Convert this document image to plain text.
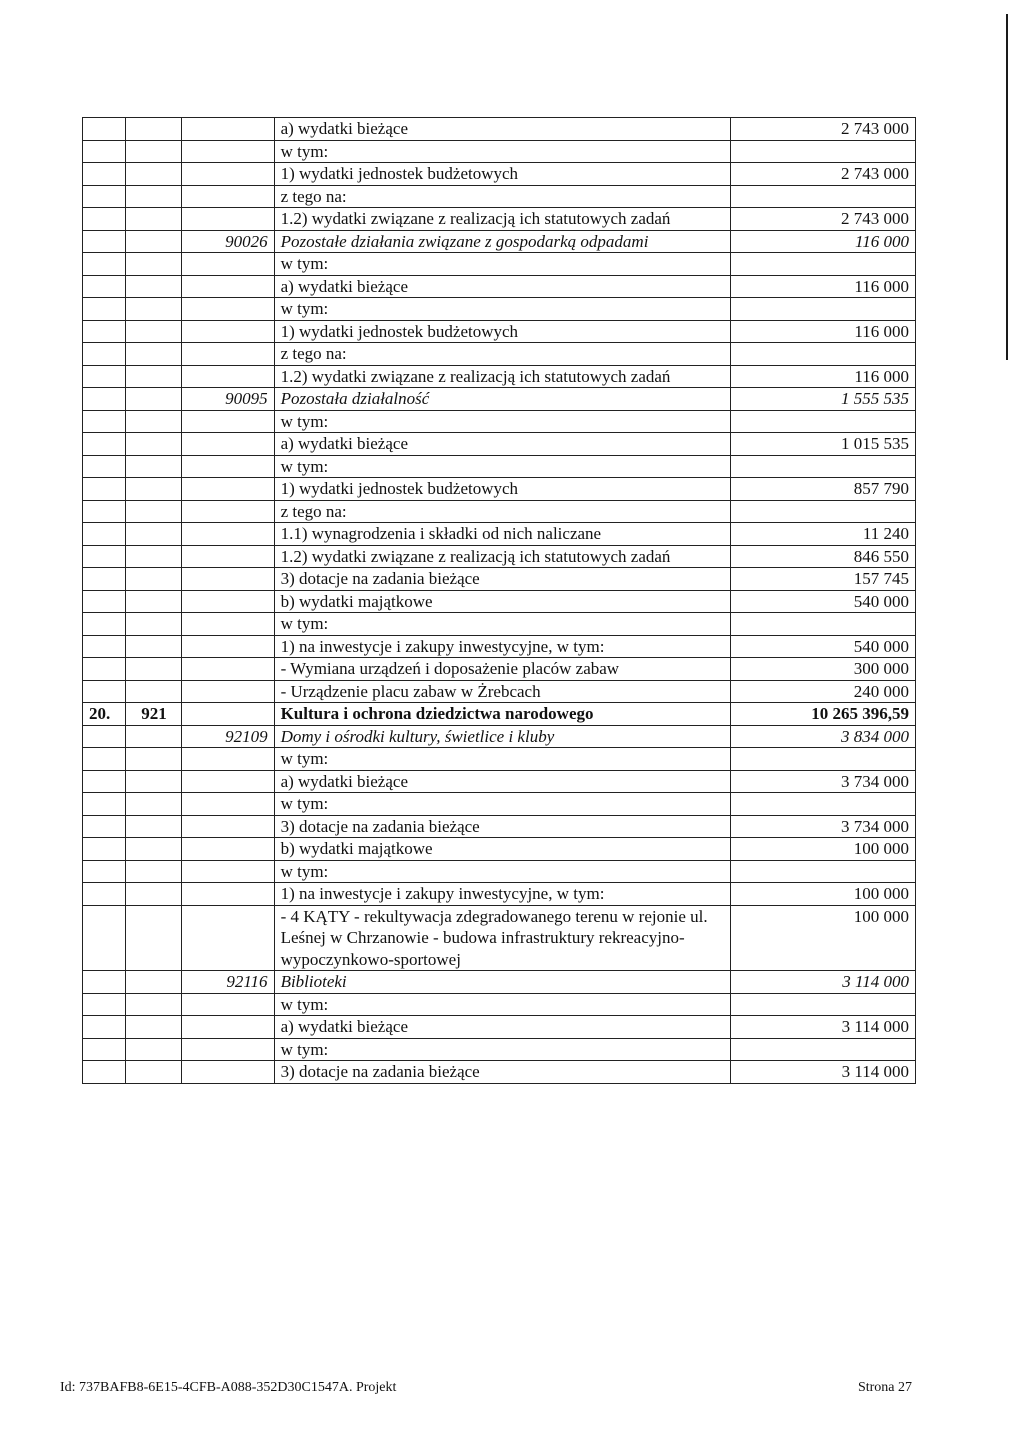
			a) wydatki bieżące	2 743 000
			w tym:	
			1) wydatki jednostek budżetowych	2 743 000
			z tego na:	
			1.2) wydatki związane z realizacją ich statutowych zadań	2 743 000
		90026	Pozostałe działania związane z gospodarką odpadami	116 000
			w tym:	
			a) wydatki bieżące	116 000
			w tym:	
			1) wydatki jednostek budżetowych	116 000
			z tego na:	
			1.2) wydatki związane z realizacją ich statutowych zadań	116 000
		90095	Pozostała działalność	1 555 535
			w tym:	
			a) wydatki bieżące	1 015 535
			w tym:	
			1) wydatki jednostek budżetowych	857 790
			z tego na:	
			1.1) wynagrodzenia i składki od nich naliczane	11 240
			1.2) wydatki związane z realizacją ich statutowych zadań	846 550
			3) dotacje na zadania bieżące	157 745
			b) wydatki majątkowe	540 000
			w tym:	
			1) na inwestycje i zakupy inwestycyjne, w tym:	540 000
			- Wymiana urządzeń i doposażenie placów zabaw	300 000
			- Urządzenie placu zabaw w Żrebcach	240 000
20.	921		Kultura i ochrona dziedzictwa narodowego	10 265 396,59
		92109	Domy i ośrodki kultury, świetlice i kluby	3 834 000
			w tym:	
			a) wydatki bieżące	3 734 000
			w tym:	
			3) dotacje na zadania bieżące	3 734 000
			b) wydatki majątkowe	100 000
			w tym:	
			1) na inwestycje i zakupy inwestycyjne, w tym:	100 000
			- 4 KĄTY - rekultywacja zdegradowanego terenu w rejonie ul. Leśnej w Chrzanowie - budowa infrastruktury rekreacyjno-wypoczynkowo-sportowej	100 000
		92116	Biblioteki	3 114 000
			w tym:	
			a) wydatki bieżące	3 114 000
			w tym:	
			3) dotacje na zadania bieżące	3 114 000
Id: 737BAFB8-6E15-4CFB-A088-352D30C1547A. Projekt	Strona 27
